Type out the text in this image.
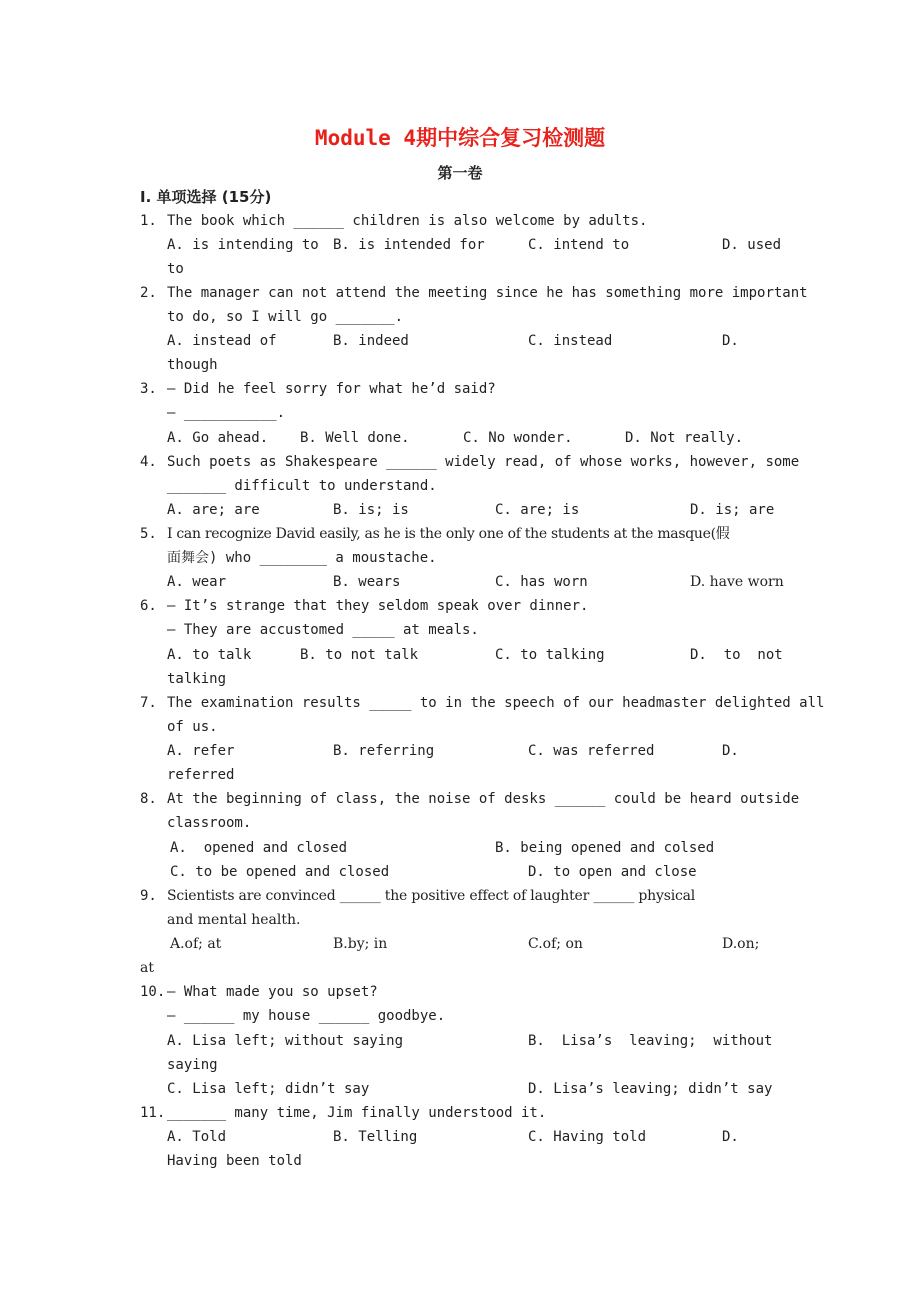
Module 4期中综合复习检测题
第一卷
I. 单项选择 (15分)
1. The book which ______ children is also welcome by adults.
A. is intending to B. is intended for	C. intend to	D. used
to
2. The manager can not attend the meeting since he has something more important
to do, so I will go _______.
A. instead of	B. indeed	C. instead	D.
though
3. — Did he feel sorry for what he’d said?
— ___________.
A. Go ahead. B. Well done.	C. No wonder.	D. Not really.
4. Such poets as Shakespeare ______ widely read, of whose works, however, some
_______ difficult to understand.
A. are; are	B. is; is	C. are; is	D. is; are
5. I can recognize David easily, as he is the only one of the students at the masque(假
面舞会) who ________ a moustache.
A. wear	B. wears	C. has worn	D. have worn
6. — It’s strange that they seldom speak over dinner.
— They are accustomed _____ at meals.
A. to talk	B. to not talk	C. to talking	D.  to  not
talking
7. The examination results _____ to in the speech of our headmaster delighted all
of us.
A. refer	B. referring	C. was referred	D.
referred
8. At the beginning of class, the noise of desks ______ could be heard outside
classroom.
A.  opened and closed	B. being opened and colsed
C. to be opened and closed	D. to open and close
9. Scientists are convinced ______ the positive effect of laughter ______ physical
and mental health.
A.of; at	B.by; in	C.of; on	D.on;
at
10. — What made you so upset?
— ______ my house ______ goodbye.
A. Lisa left; without saying	B.  Lisa’s  leaving;  without
saying
C. Lisa left; didn’t say	D. Lisa’s leaving; didn’t say
11. _______ many time, Jim finally understood it.
A. Told	B. Telling	C. Having told	D.
Having been told
